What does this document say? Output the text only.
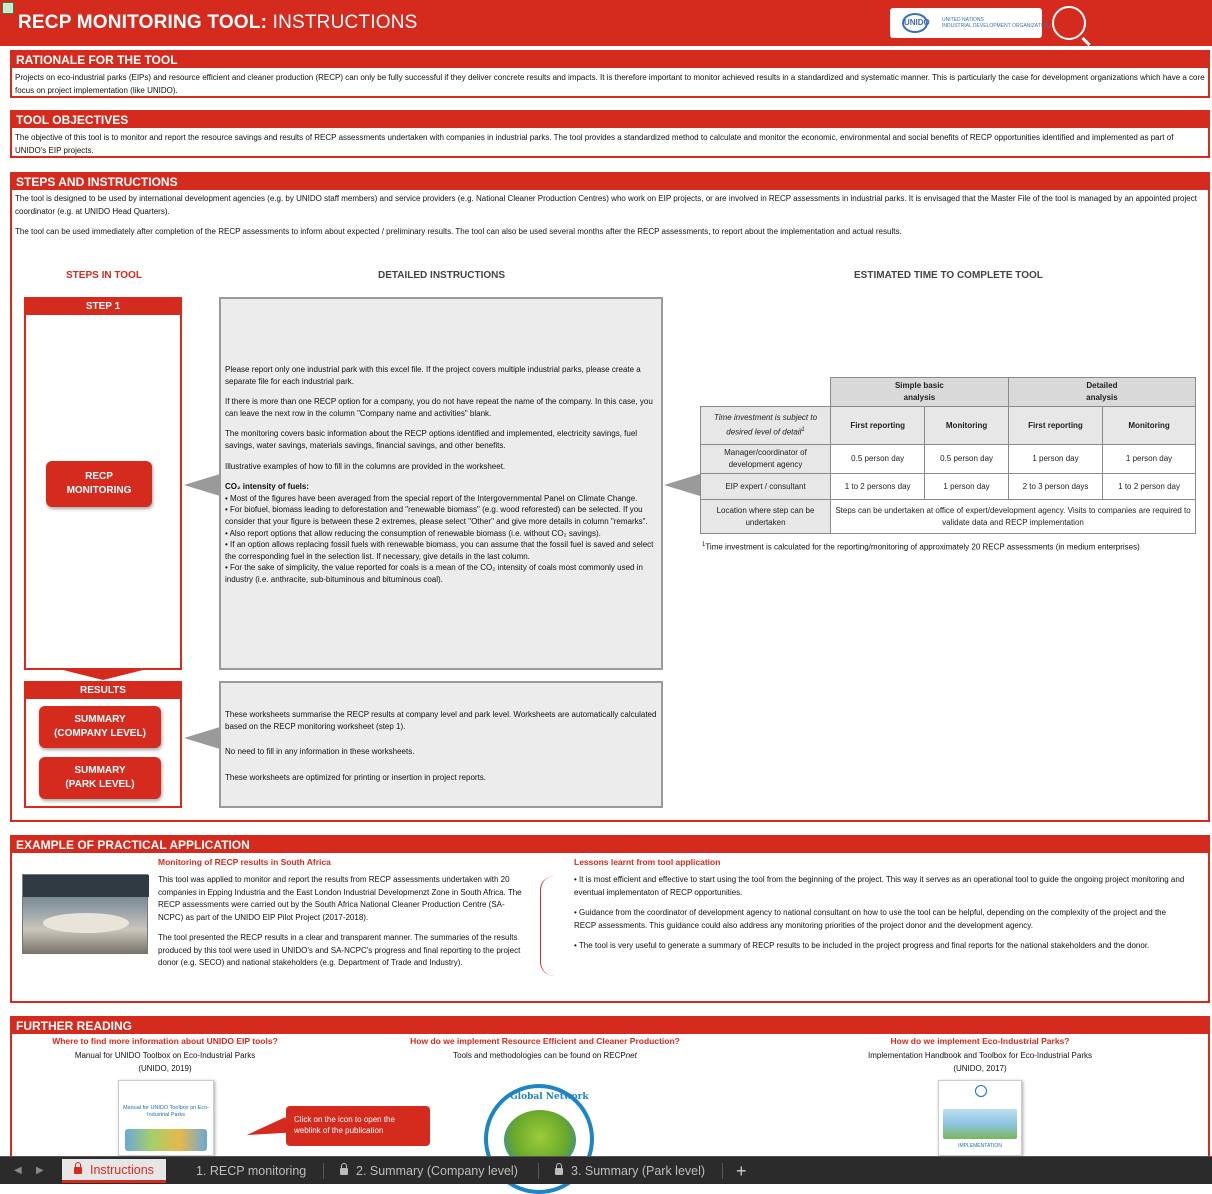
RECP MONITORING TOOL: INSTRUCTIONS	UNIDO UNITED NATIONS
INDUSTRIAL DEVELOPMENT ORGANIZATION
RATIONALE FOR THE TOOL
Projects on eco-industrial parks (EIPs) and resource efficient and cleaner production (RECP) can only be fully successful if they deliver concrete results and impacts. It is therefore important to monitor achieved results in a standardized and systematic manner. This is particularly the case for development organizations which have a core focus on project implementation (like UNIDO).
TOOL OBJECTIVES
The objective of this tool is to monitor and report the resource savings and results of RECP assessments undertaken with companies in industrial parks. The tool provides a standardized method to calculate and monitor the economic, environmental and social benefits of RECP opportunities identified and implemented as part of UNIDO's EIP projects.
STEPS AND INSTRUCTIONS

The tool is designed to be used by international development agencies (e.g. by UNIDO staff members) and service providers (e.g. National Cleaner Production Centres) who work on EIP projects, or are involved in RECP assessments in industrial parks. It is envisaged that the Master File of the tool is managed by an appointed project coordinator (e.g. at UNIDO Head Quarters).

The tool can be used immediately after completion of the RECP assessments to inform about expected / preliminary results. The tool can also be used several months after the RECP assessments, to report about the implementation and actual results.

STEPS IN TOOL	DETAILED INSTRUCTIONS	ESTIMATED TIME TO COMPLETE TOOL
STEP 1
RECP
MONITORING
RESULTS
SUMMARY
(COMPANY LEVEL)
SUMMARY
(PARK LEVEL)

Please report only one industrial park with this excel file. If the project covers multiple industrial parks, please create a separate file for each industrial park.

If there is more than one RECP option for a company, you do not have repeat the name of the company. In this case, you can leave the next row in the column "Company name and activities" blank.

The monitoring covers basic information about the RECP options identified and implemented, electricity savings, fuel savings, water savings, materials savings, financial savings, and other benefits.

Illustrative examples of how to fill in the columns are provided in the worksheet.

CO₂ intensity of fuels:

• Most of the figures have been averaged from the special report of the Intergovernmental Panel on Climate Change.

• For biofuel, biomass leading to deforestation and "renewable biomass" (e.g. wood reforested) can be selected. If you consider that your figure is between these 2 extremes, please select "Other" and give more details in column "remarks".

• Also report options that allow reducing the consumption of renewable biomass (i.e. without CO₂ savings).

• If an option allows replacing fossil fuels with renewable biomass, you can assume that the fossil fuel is saved and select the corresponding fuel in the selection list. If necessary, give details in the last column.

• For the sake of simplicity, the value reported for coals is a mean of the CO₂ intensity of coals most commonly used in industry (i.e. anthracite, sub-bituminous and bituminous coal).

These worksheets summarise the RECP results at company level and park level. Worksheets are automatically calculated based on the RECP monitoring worksheet (step 1).

No need to fill in any information in these worksheets.

These worksheets are optimized for printing or insertion in project reports.

	Simple basic
analysis		Detailed
analysis	
Time investment is subject to desired level of detail$^1$	First reporting	Monitoring	First reporting	Monitoring
Manager/coordinator of development agency	0.5 person day	0.5 person day	1 person day	1 person day
EIP expert / consultant	1 to 2 persons day	1 person day	2 to 3 person days	1 to 2 person day
Location where step can be undertaken	Steps can be undertaken at office of expert/development agency. Visits to companies are required to validate data and RECP implementation			
$^1$Time investment is calculated for the reporting/monitoring of approximately 20 RECP assessments (in medium enterprises)
EXAMPLE OF PRACTICAL APPLICATION
Monitoring of RECP results in South Africa

This tool was applied to monitor and report the results from RECP assessments undertaken with 20 companies in Epping Industria and the East London Industrial Developmenzt Zone in South Africa. The RECP assessments were carried out by the South Africa National Cleaner Production Centre (SA-NCPC) as part of the UNIDO EIP Pilot Project (2017-2018).

The tool presented the RECP results in a clear and transparent manner. The summaries of the results produced by this tool were used in UNIDO's and SA-NCPC's progress and final reporting to the project donor (e.g. SECO) and national stakeholders (e.g. Department of Trade and Industry).

Lessons learnt from tool application

• It is most efficient and effective to start using the tool from the beginning of the project. This way it serves as an operational tool to guide the ongoing project monitoring and eventual implementaton of RECP opportunities.

• Guidance from the coordinator of development agency to national consultant on how to use the tool can be helpful, depending on the complexity of the project and the RECP assessments. This guidance could also address any monitoring priorities of the project donor and the development agency.

• The tool is very useful to generate a summary of RECP results to be included in the project progress and final reports for the national stakeholders and the donor.

FURTHER READING
Where to find more information about UNIDO EIP tools?
Manual for UNIDO Toolbox on Eco-Industrial Parks
(UNIDO, 2019)
Manual for UNIDO Toolbox on Eco-Industrial Parks
How do we implement Resource Efficient and Cleaner Production?
Tools and methodologies can be found on RECPnet
Global Network
How do we implement Eco-Industrial Parks?
Implementation Handbook and Toolbox for Eco-Industrial Parks
(UNIDO, 2017)
IMPLEMENTATION
Click on the icon to open the weblink of the publication
◀ ▶	Instructions	1. RECP monitoring	2. Summary (Company level)	3. Summary (Park level) +
